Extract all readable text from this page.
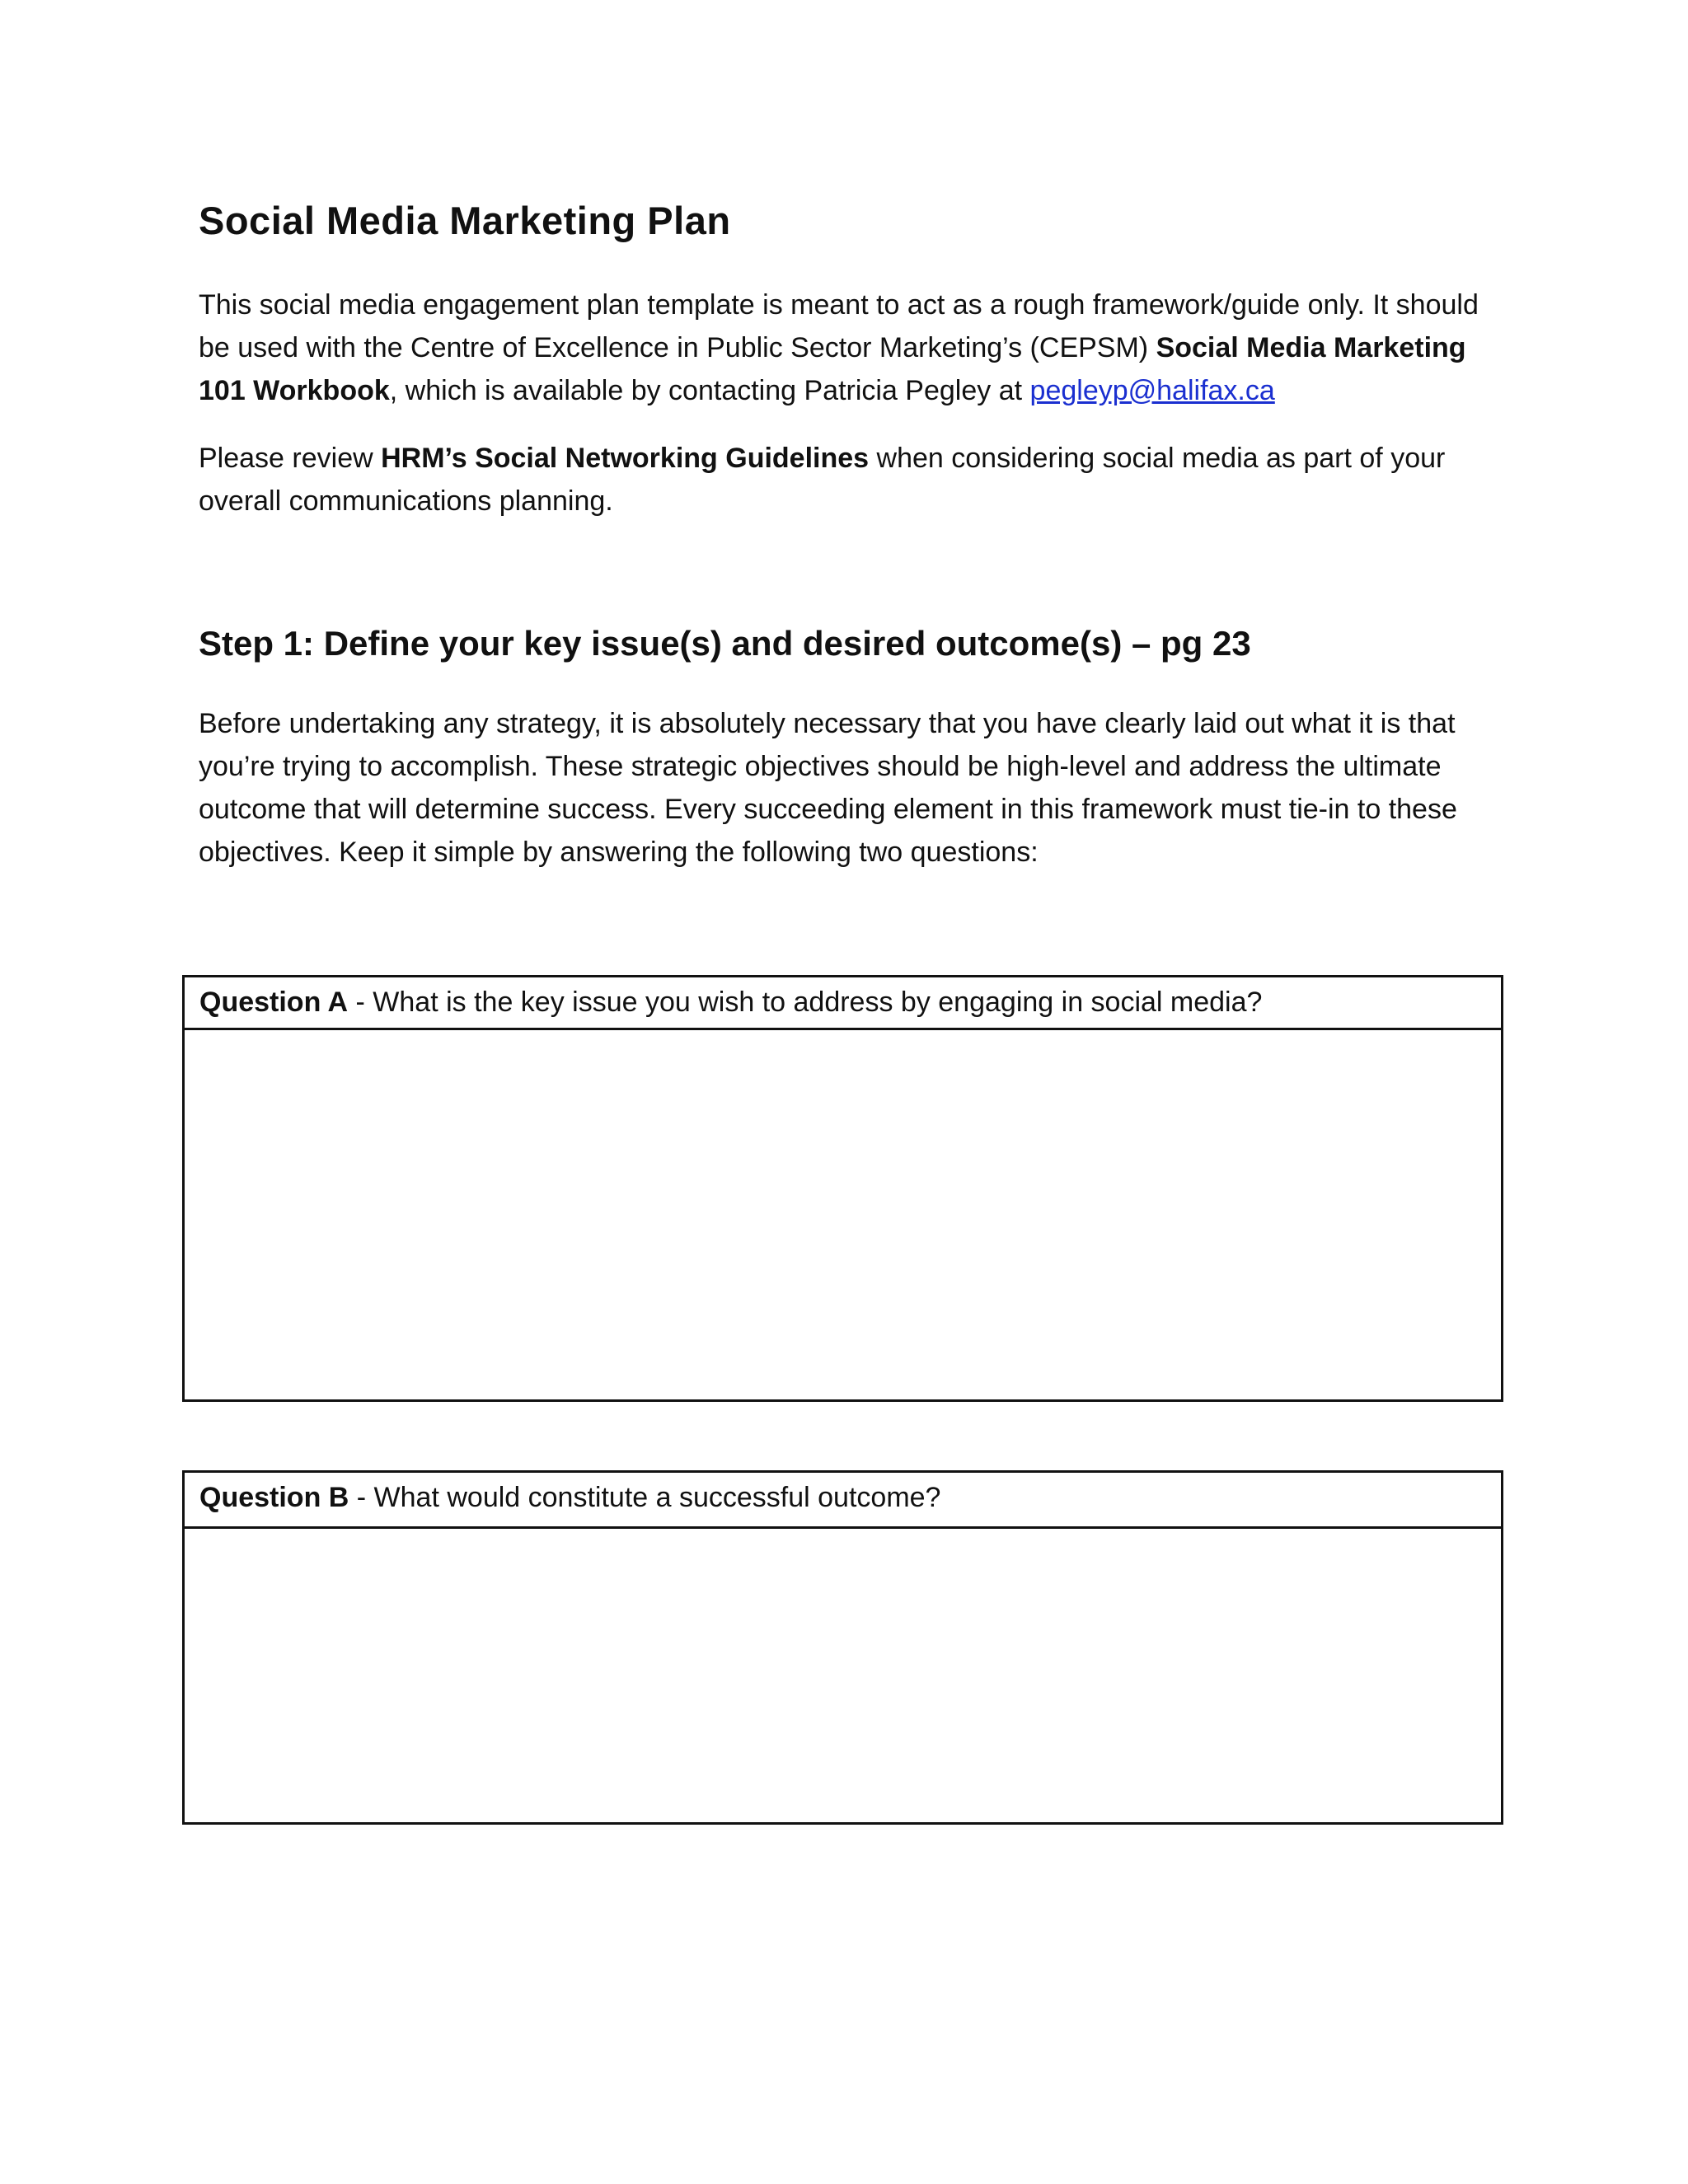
Social Media Marketing Plan

This social media engagement plan template is meant to act as a rough framework/guide only. It should be used with the Centre of Excellence in Public Sector Marketing’s (CEPSM) Social Media Marketing 101 Workbook, which is available by contacting Patricia Pegley at pegleyp@halifax.ca

Please review HRM’s Social Networking Guidelines when considering social media as part of your overall communications planning.

Step 1: Define your key issue(s) and desired outcome(s) – pg 23

Before undertaking any strategy, it is absolutely necessary that you have clearly laid out what it is that you’re trying to accomplish. These strategic objectives should be high-level and address the ultimate outcome that will determine success. Every succeeding element in this framework must tie-in to these objectives. Keep it simple by answering the following two questions:

Question A - What is the key issue you wish to address by engaging in social media?
Question B - What would constitute a successful outcome?
